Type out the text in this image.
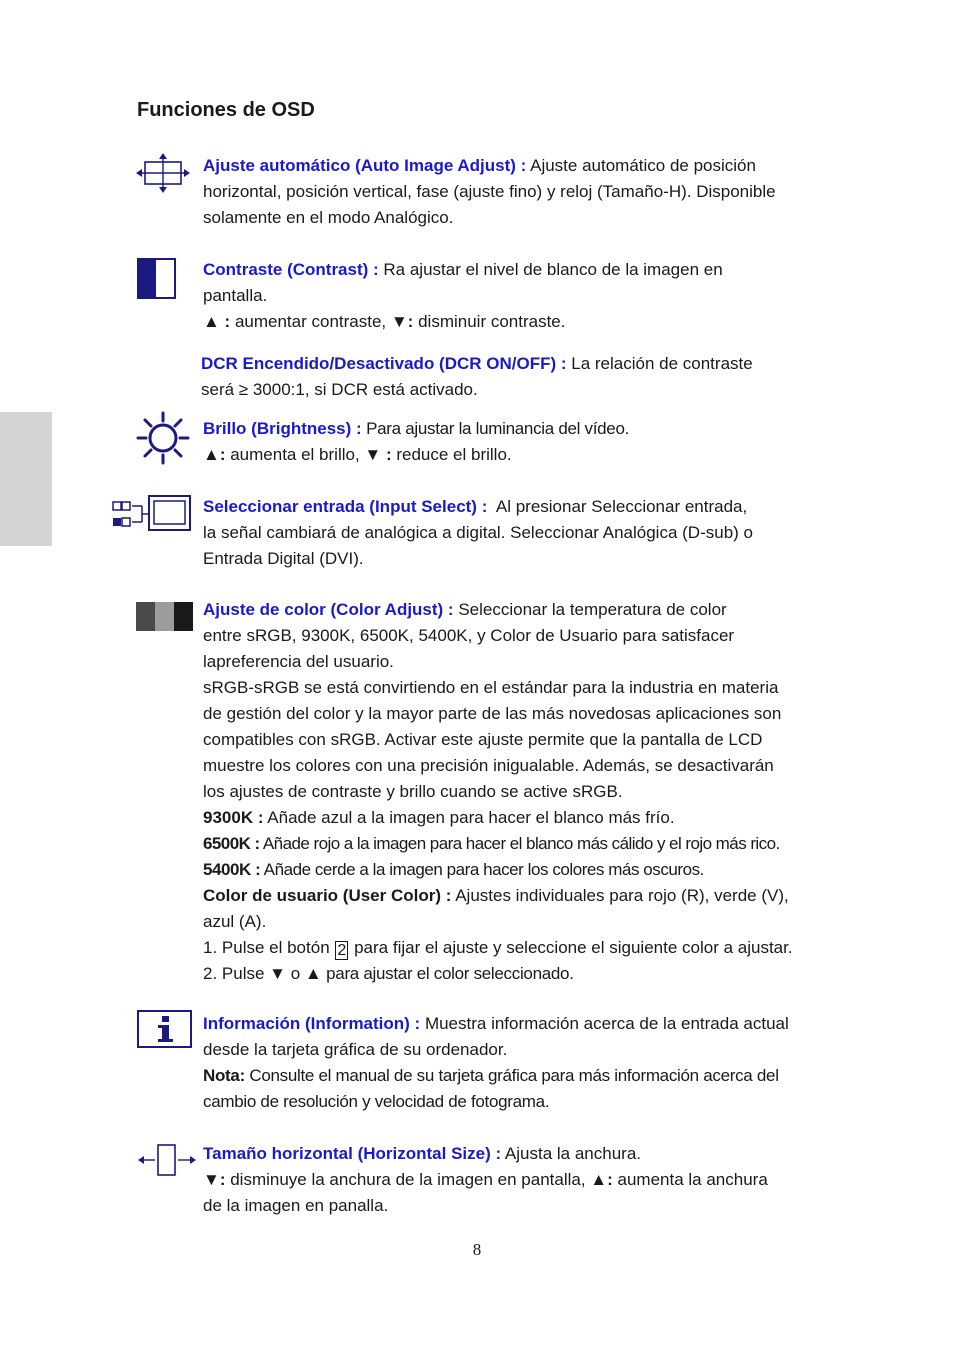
Funciones de OSD

Ajuste automático (Auto Image Adjust) : Ajuste automático de posición

horizontal, posición vertical, fase (ajuste fino) y reloj (Tamaño-H). Disponible

solamente en el modo Analógico.

Contraste (Contrast) : Ra ajustar el nivel de blanco de la imagen en

pantalla.

▲ : aumentar contraste, ▼: disminuir contraste.

DCR Encendido/Desactivado (DCR ON/OFF) : La relación de contraste

será ≥ 3000:1, si DCR está activado.

Brillo (Brightness) : Para ajustar la luminancia del vídeo.

▲: aumenta el brillo, ▼ : reduce el brillo.

Seleccionar entrada (Input Select) :  Al presionar Seleccionar entrada,

la señal cambiará de analógica a digital. Seleccionar Analógica (D-sub) o

Entrada Digital (DVI).

Ajuste de color (Color Adjust) : Seleccionar la temperatura de color

entre sRGB, 9300K, 6500K, 5400K, y Color de Usuario para satisfacer

lapreferencia del usuario.

sRGB-sRGB se está convirtiendo en el estándar para la industria en materia

de gestión del color y la mayor parte de las más novedosas aplicaciones son

compatibles con sRGB. Activar este ajuste permite que la pantalla de LCD

muestre los colores con una precisión inigualable. Además, se desactivarán

los ajustes de contraste y brillo cuando se active sRGB.

9300K : Añade azul a la imagen para hacer el blanco más frío.

6500K : Añade rojo a la imagen para hacer el blanco más cálido y el rojo más rico.

5400K : Añade cerde a la imagen para hacer los colores más oscuros.

Color de usuario (User Color) : Ajustes individuales para rojo (R), verde (V),

azul (A).

1. Pulse el botón 2 para fijar el ajuste y seleccione el siguiente color a ajustar.

2. Pulse ▼ o ▲ para ajustar el color seleccionado.

Información (Information) : Muestra información acerca de la entrada actual

desde la tarjeta gráfica de su ordenador.

Nota: Consulte el manual de su tarjeta gráfica para más información acerca del

cambio de resolución y velocidad de fotograma.

Tamaño horizontal (Horizontal Size) : Ajusta la anchura.

▼: disminuye la anchura de la imagen en pantalla, ▲: aumenta la anchura

de la imagen en panalla.

8
